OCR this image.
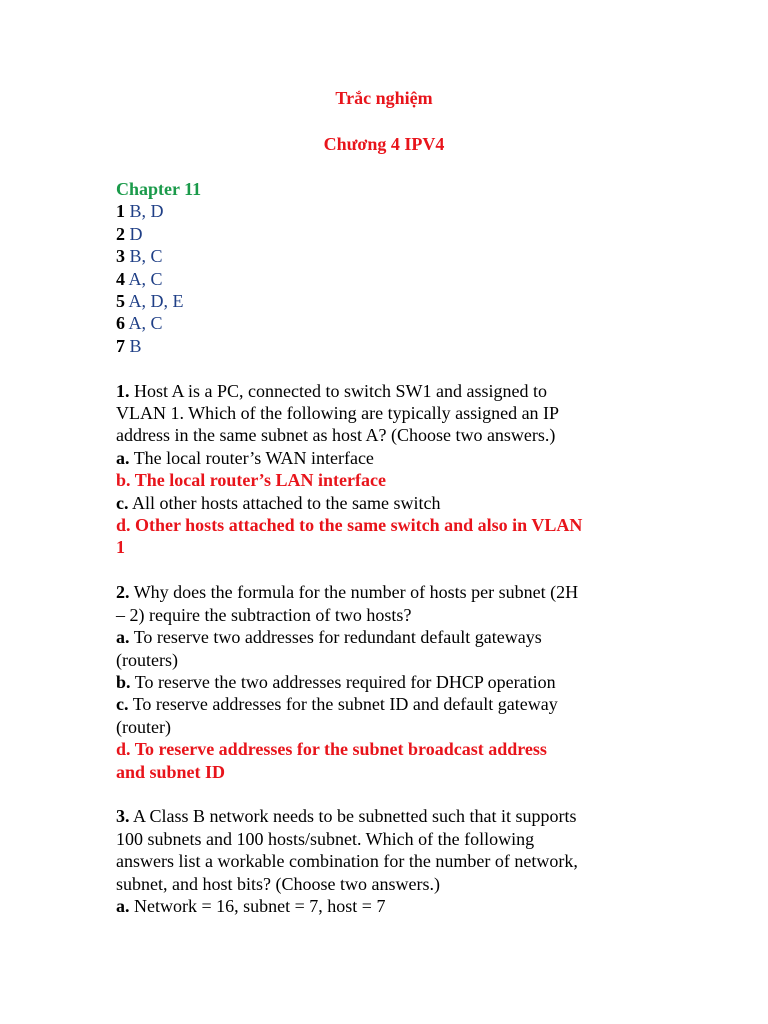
Trắc nghiệm
Chương 4 IPV4
Chapter 11
1 B, D
2 D
3 B, C
4 A, C
5 A, D, E
6 A, C
7 B
1. Host A is a PC, connected to switch SW1 and assigned to
VLAN 1. Which of the following are typically assigned an IP
address in the same subnet as host A? (Choose two answers.)
a. The local router’s WAN interface
b. The local router’s LAN interface
c. All other hosts attached to the same switch
d. Other hosts attached to the same switch and also in VLAN
1
2. Why does the formula for the number of hosts per subnet (2H
– 2) require the subtraction of two hosts?
a. To reserve two addresses for redundant default gateways
(routers)
b. To reserve the two addresses required for DHCP operation
c. To reserve addresses for the subnet ID and default gateway
(router)
d. To reserve addresses for the subnet broadcast address
and subnet ID
3. A Class B network needs to be subnetted such that it supports
100 subnets and 100 hosts/subnet. Which of the following
answers list a workable combination for the number of network,
subnet, and host bits? (Choose two answers.)
a. Network = 16, subnet = 7, host = 7
